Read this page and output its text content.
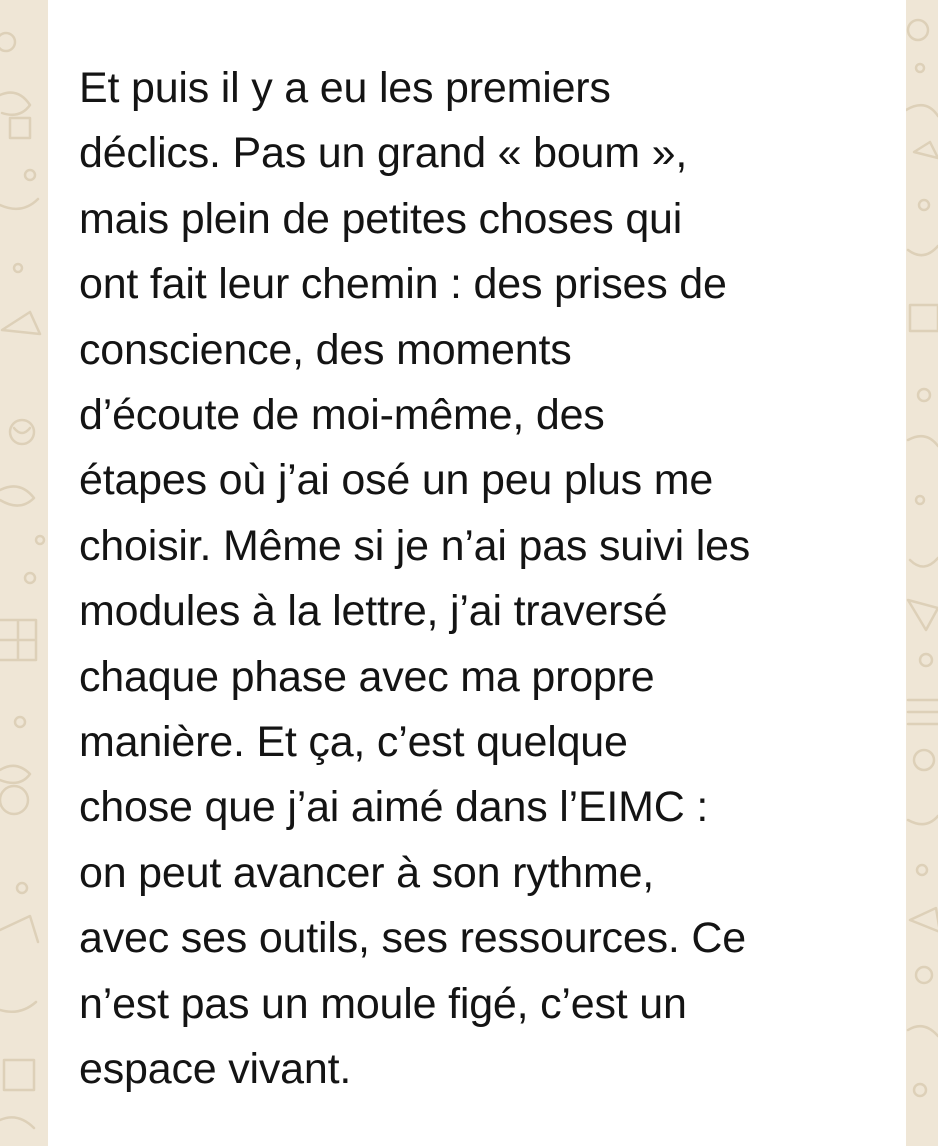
Et puis il y a eu les premiers
déclics. Pas un grand « boum »,
mais plein de petites choses qui
ont fait leur chemin : des prises de
conscience, des moments
d’écoute de moi-même, des
étapes où j’ai osé un peu plus me
choisir. Même si je n’ai pas suivi les
modules à la lettre, j’ai traversé
chaque phase avec ma propre
manière. Et ça, c’est quelque
chose que j’ai aimé dans l’EIMC :
on peut avancer à son rythme,
avec ses outils, ses ressources. Ce
n’est pas un moule figé, c’est un
espace vivant.
